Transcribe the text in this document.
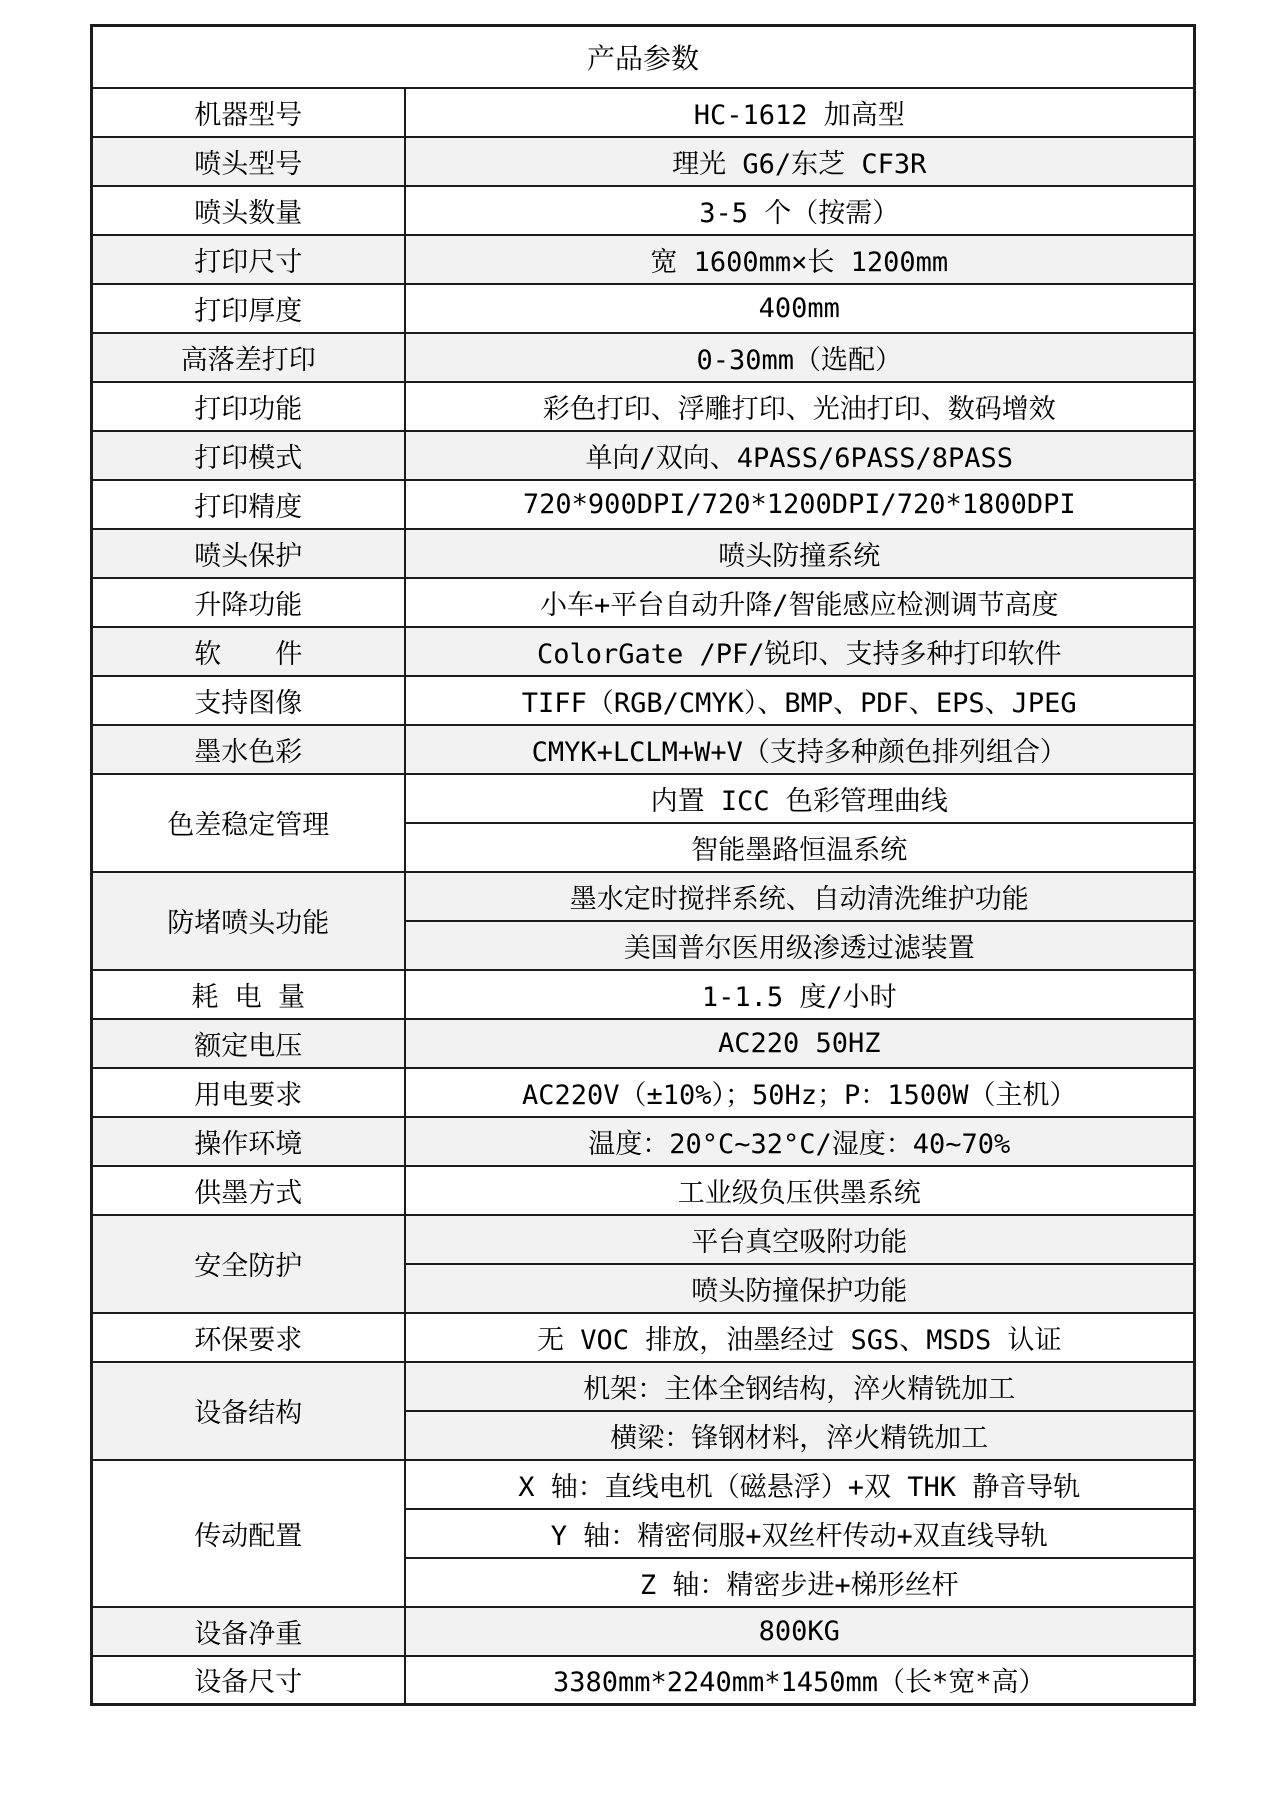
产品参数	
机器型号	HC-1612 加高型
喷头型号	理光 G6/东芝 CF3R
喷头数量	3-5 个（按需）
打印尺寸	宽 1600mm×长 1200mm
打印厚度	400mm
高落差打印	0-30mm（选配）
打印功能	彩色打印、浮雕打印、光油打印、数码增效
打印模式	单向/双向、4PASS/6PASS/8PASS
打印精度	720*900DPI/720*1200DPI/720*1800DPI
喷头保护	喷头防撞系统
升降功能	小车+平台自动升降/智能感应检测调节高度
软　　件	ColorGate /PF/锐印、支持多种打印软件
支持图像	TIFF（RGB/CMYK）、BMP、PDF、EPS、JPEG
墨水色彩	CMYK+LCLM+W+V（支持多种颜色排列组合）
色差稳定管理	内置 ICC 色彩管理曲线
	智能墨路恒温系统
防堵喷头功能	墨水定时搅拌系统、自动清洗维护功能
	美国普尔医用级渗透过滤装置
耗 电 量	1-1.5 度/小时
额定电压	AC220 50HZ
用电要求	AC220V（±10%）；50Hz；P：1500W（主机）
操作环境	温度：20°C~32°C/湿度：40~70%
供墨方式	工业级负压供墨系统
安全防护	平台真空吸附功能
	喷头防撞保护功能
环保要求	无 VOC 排放，油墨经过 SGS、MSDS 认证
设备结构	机架：主体全钢结构，淬火精铣加工
	横梁：锋钢材料，淬火精铣加工
传动配置	X 轴：直线电机（磁悬浮）+双 THK 静音导轨
	Y 轴：精密伺服+双丝杆传动+双直线导轨
	Z 轴：精密步进+梯形丝杆
设备净重	800KG
设备尺寸	3380mm*2240mm*1450mm（长*宽*高）
